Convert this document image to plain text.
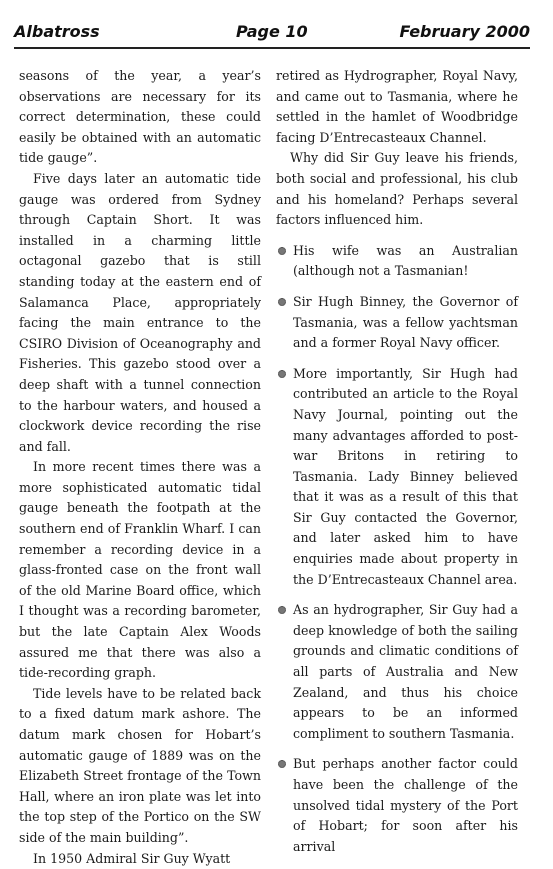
Albatross	Page 10	February 2000

seasons of the year, a year’s observations are necessary for its correct determination, these could easily be obtained with an automatic tide gauge”.

Five days later an automatic tide gauge was ordered from Sydney through Captain Short. It was installed in a charming little octagonal gazebo that is still standing today at the eastern end of Salamanca Place, appropriately facing the main entrance to the CSIRO Division of Oceanography and Fisheries. This gazebo stood over a deep shaft with a tunnel connection to the harbour waters, and housed a clockwork device recording the rise and fall.

In more recent times there was a more sophisticated automatic tidal gauge beneath the footpath at the southern end of Franklin Wharf. I can remember a recording device in a glass-fronted case on the front wall of the old Marine Board office, which I thought was a recording barometer, but the late Captain Alex Woods assured me that there was also a tide-recording graph.

Tide levels have to be related back to a fixed datum mark ashore. The datum mark chosen for Hobart’s automatic gauge of 1889 was on the Elizabeth Street frontage of the Town Hall, where an iron plate was let into the top step of the Portico on the SW side of the main building”.

In 1950 Admiral Sir Guy Wyatt

retired as Hydrographer, Royal Navy, and came out to Tasmania, where he settled in the hamlet of Woodbridge facing D’Entrecasteaux Channel.

Why did Sir Guy leave his friends, both social and professional, his club and his homeland? Perhaps several factors influenced him.

His wife was an Australian (although not a Tasmanian!
Sir Hugh Binney, the Governor of Tasmania, was a fellow yachtsman and a former Royal Navy officer.
More importantly, Sir Hugh had contributed an article to the Royal Navy Journal, pointing out the many advantages afforded to post-war Britons in retiring to Tasmania. Lady Binney believed that it was as a result of this that Sir Guy contacted the Governor, and later asked him to have enquiries made about property in the D’Entrecasteaux Channel area.
As an hydrographer, Sir Guy had a deep knowledge of both the sailing grounds and climatic conditions of all parts of Australia and New Zealand, and thus his choice appears to be an informed compliment to southern Tasmania.
But perhaps another factor could have been the challenge of the unsolved tidal mystery of the Port of Hobart; for soon after his arrival
